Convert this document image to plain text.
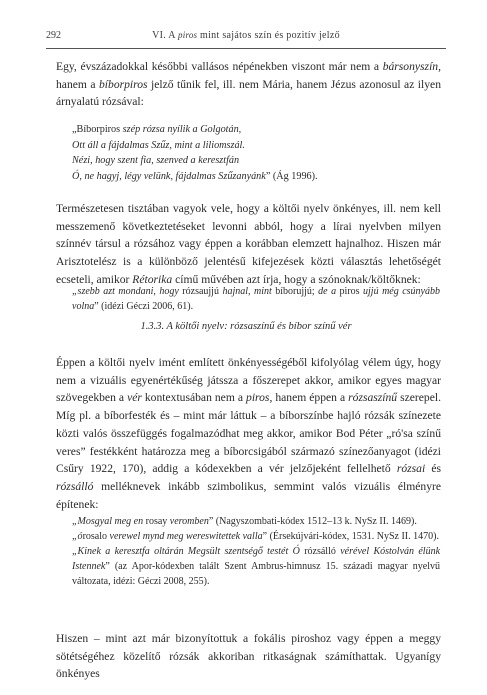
292	VI. A piros mint sajátos szín és pozitív jelző

Egy, évszázadokkal későbbi vallásos népénekben viszont már nem a bársonyszín, hanem a bíborpiros jelző tűnik fel, ill. nem Mária, hanem Jézus azonosul az ilyen árnyalatú rózsával:

„Bíborpiros szép rózsa nyílik a Golgotán,
Ott áll a fájdalmas Szűz, mint a liliomszál.
Nézi, hogy szent fia, szenved a keresztfán
Ó, ne hagyj, légy velünk, fájdalmas Szűzanyánk” (Ág 1996).

Természetesen tisztában vagyok vele, hogy a költői nyelv önkényes, ill. nem kell messzemenő következtetéseket levonni abból, hogy a lírai nyelvben milyen színnév társul a rózsához vagy éppen a korábban elemzett hajnalhoz. Hiszen már Arisztotelész is a különböző jelentésű kifejezések közti választás lehetőségét ecseteli, amikor Rétorika című művében azt írja, hogy a szónoknak/költőknek:

„szebb azt mondani, hogy rózsaujjú hajnal, mint bíborujjú; de a piros ujjú még csúnyább volna” (idézi Géczi 2006, 61).

1.3.3. A költői nyelv: rózsaszínű és bíbor színű vér

Éppen a költői nyelv imént említett önkényességéből kifolyólag vélem úgy, hogy nem a vizuális egyenértékűség játssza a főszerepet akkor, amikor egyes magyar szövegekben a vér kontextusában nem a piros, hanem éppen a rózsaszínű szerepel. Míg pl. a bíborfesték és – mint már láttuk – a bíborszínbe hajló rózsák színezete közti valós összefüggés fogalmazódhat meg akkor, amikor Bod Péter „ró'sa színű veres” festékként határozza meg a bíborcsigából származó színezőanyagot (idézi Csűry 1922, 170), addig a kódexekben a vér jelzőjeként fellelhető rózsai és rózsálló melléknevek inkább szimbolikus, semmint valós vizuális élményre építenek:

„Mosgyal meg en rosay veromben” (Nagyszombati-kódex 1512–13 k. NySz II. 1469).
„órosalo verewel mynd meg wereswitettek valla” (Érsekújvári-kódex, 1531. NySz II. 1470).
„Kinek a keresztfa oltárán Megsült szentségő testét Ó rózsálló vérével Kóstolván élünk Istennek” (az Apor-kódexben talált Szent Ambrus-himnusz 15. századi magyar nyelvű változata, idézi: Géczi 2008, 255).

Hiszen – mint azt már bizonyítottuk a fokális piroshoz vagy éppen a meggy sötétségéhez közelítő rózsák akkoriban ritkaságnak számíthattak. Ugyanígy önkényes
